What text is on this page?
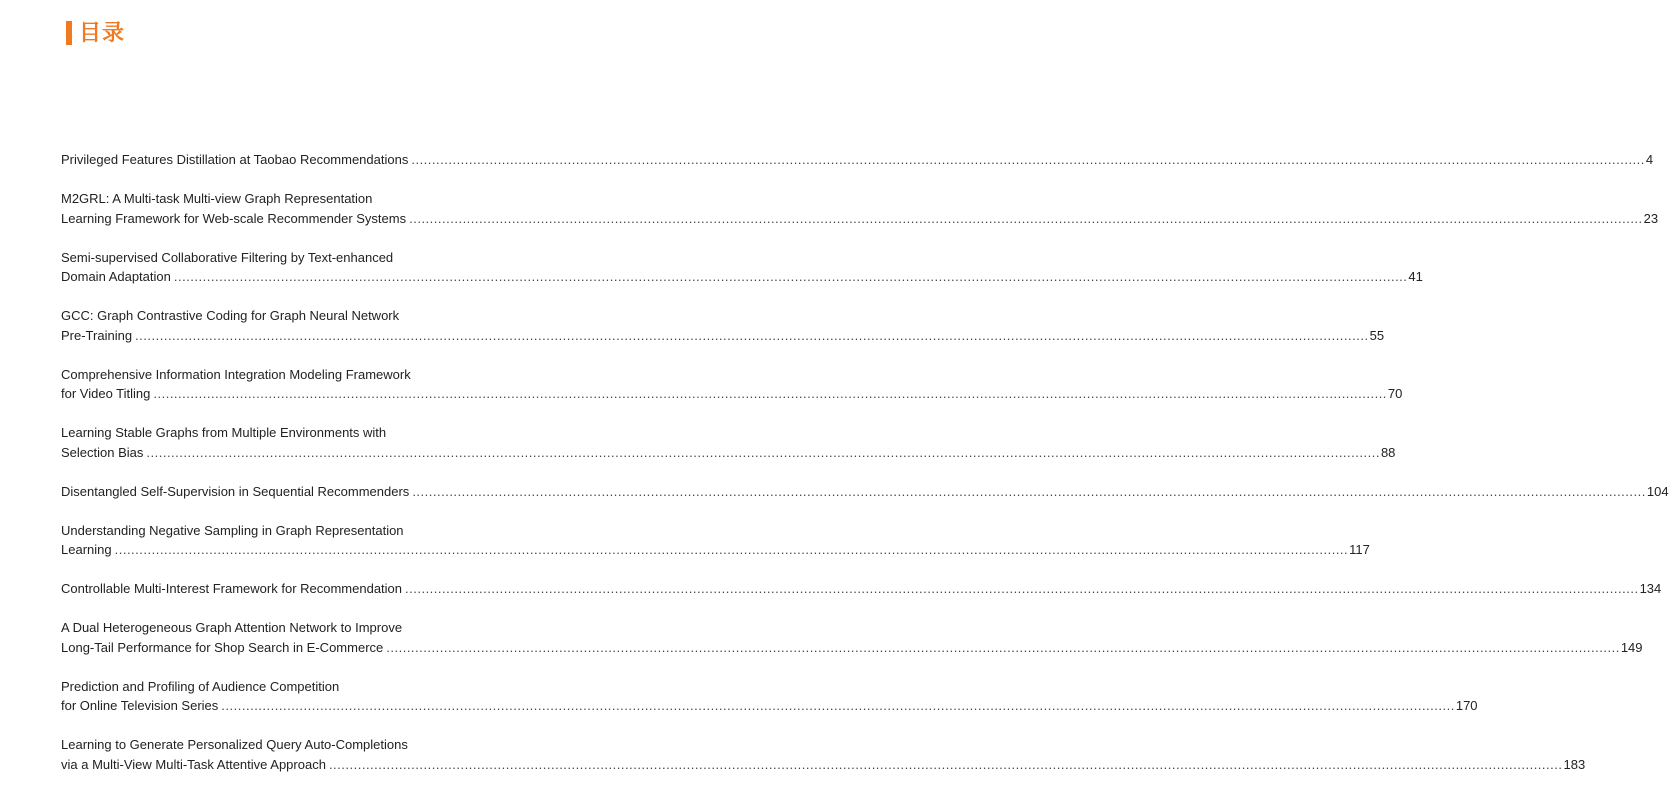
目录
Privileged Features Distillation at Taobao Recommendations ............................................................................................................................................................................................................................................................................................................ 4
M2GRL: A Multi-task Multi-view Graph Representation
Learning Framework for Web-scale Recommender Systems ............................................................................................................................................................................................................................................................................................................ 23
Semi-supervised Collaborative Filtering by Text-enhanced
Domain Adaptation ............................................................................................................................................................................................................................................................................................................ 41
GCC: Graph Contrastive Coding for Graph Neural Network
Pre-Training ............................................................................................................................................................................................................................................................................................................ 55
Comprehensive Information Integration Modeling Framework
for Video Titling ............................................................................................................................................................................................................................................................................................................ 70
Learning Stable Graphs from Multiple Environments with
Selection Bias ............................................................................................................................................................................................................................................................................................................ 88
Disentangled Self-Supervision in Sequential Recommenders ............................................................................................................................................................................................................................................................................................................ 104
Understanding Negative Sampling in Graph Representation
Learning ............................................................................................................................................................................................................................................................................................................ 117
Controllable Multi-Interest Framework for Recommendation ............................................................................................................................................................................................................................................................................................................ 134
A Dual Heterogeneous Graph Attention Network to Improve
Long-Tail Performance for Shop Search in E-Commerce ............................................................................................................................................................................................................................................................................................................ 149
Prediction and Profiling of Audience Competition
for Online Television Series ............................................................................................................................................................................................................................................................................................................ 170
Learning to Generate Personalized Query Auto-Completions
via a Multi-View Multi-Task Attentive Approach ............................................................................................................................................................................................................................................................................................................ 183
